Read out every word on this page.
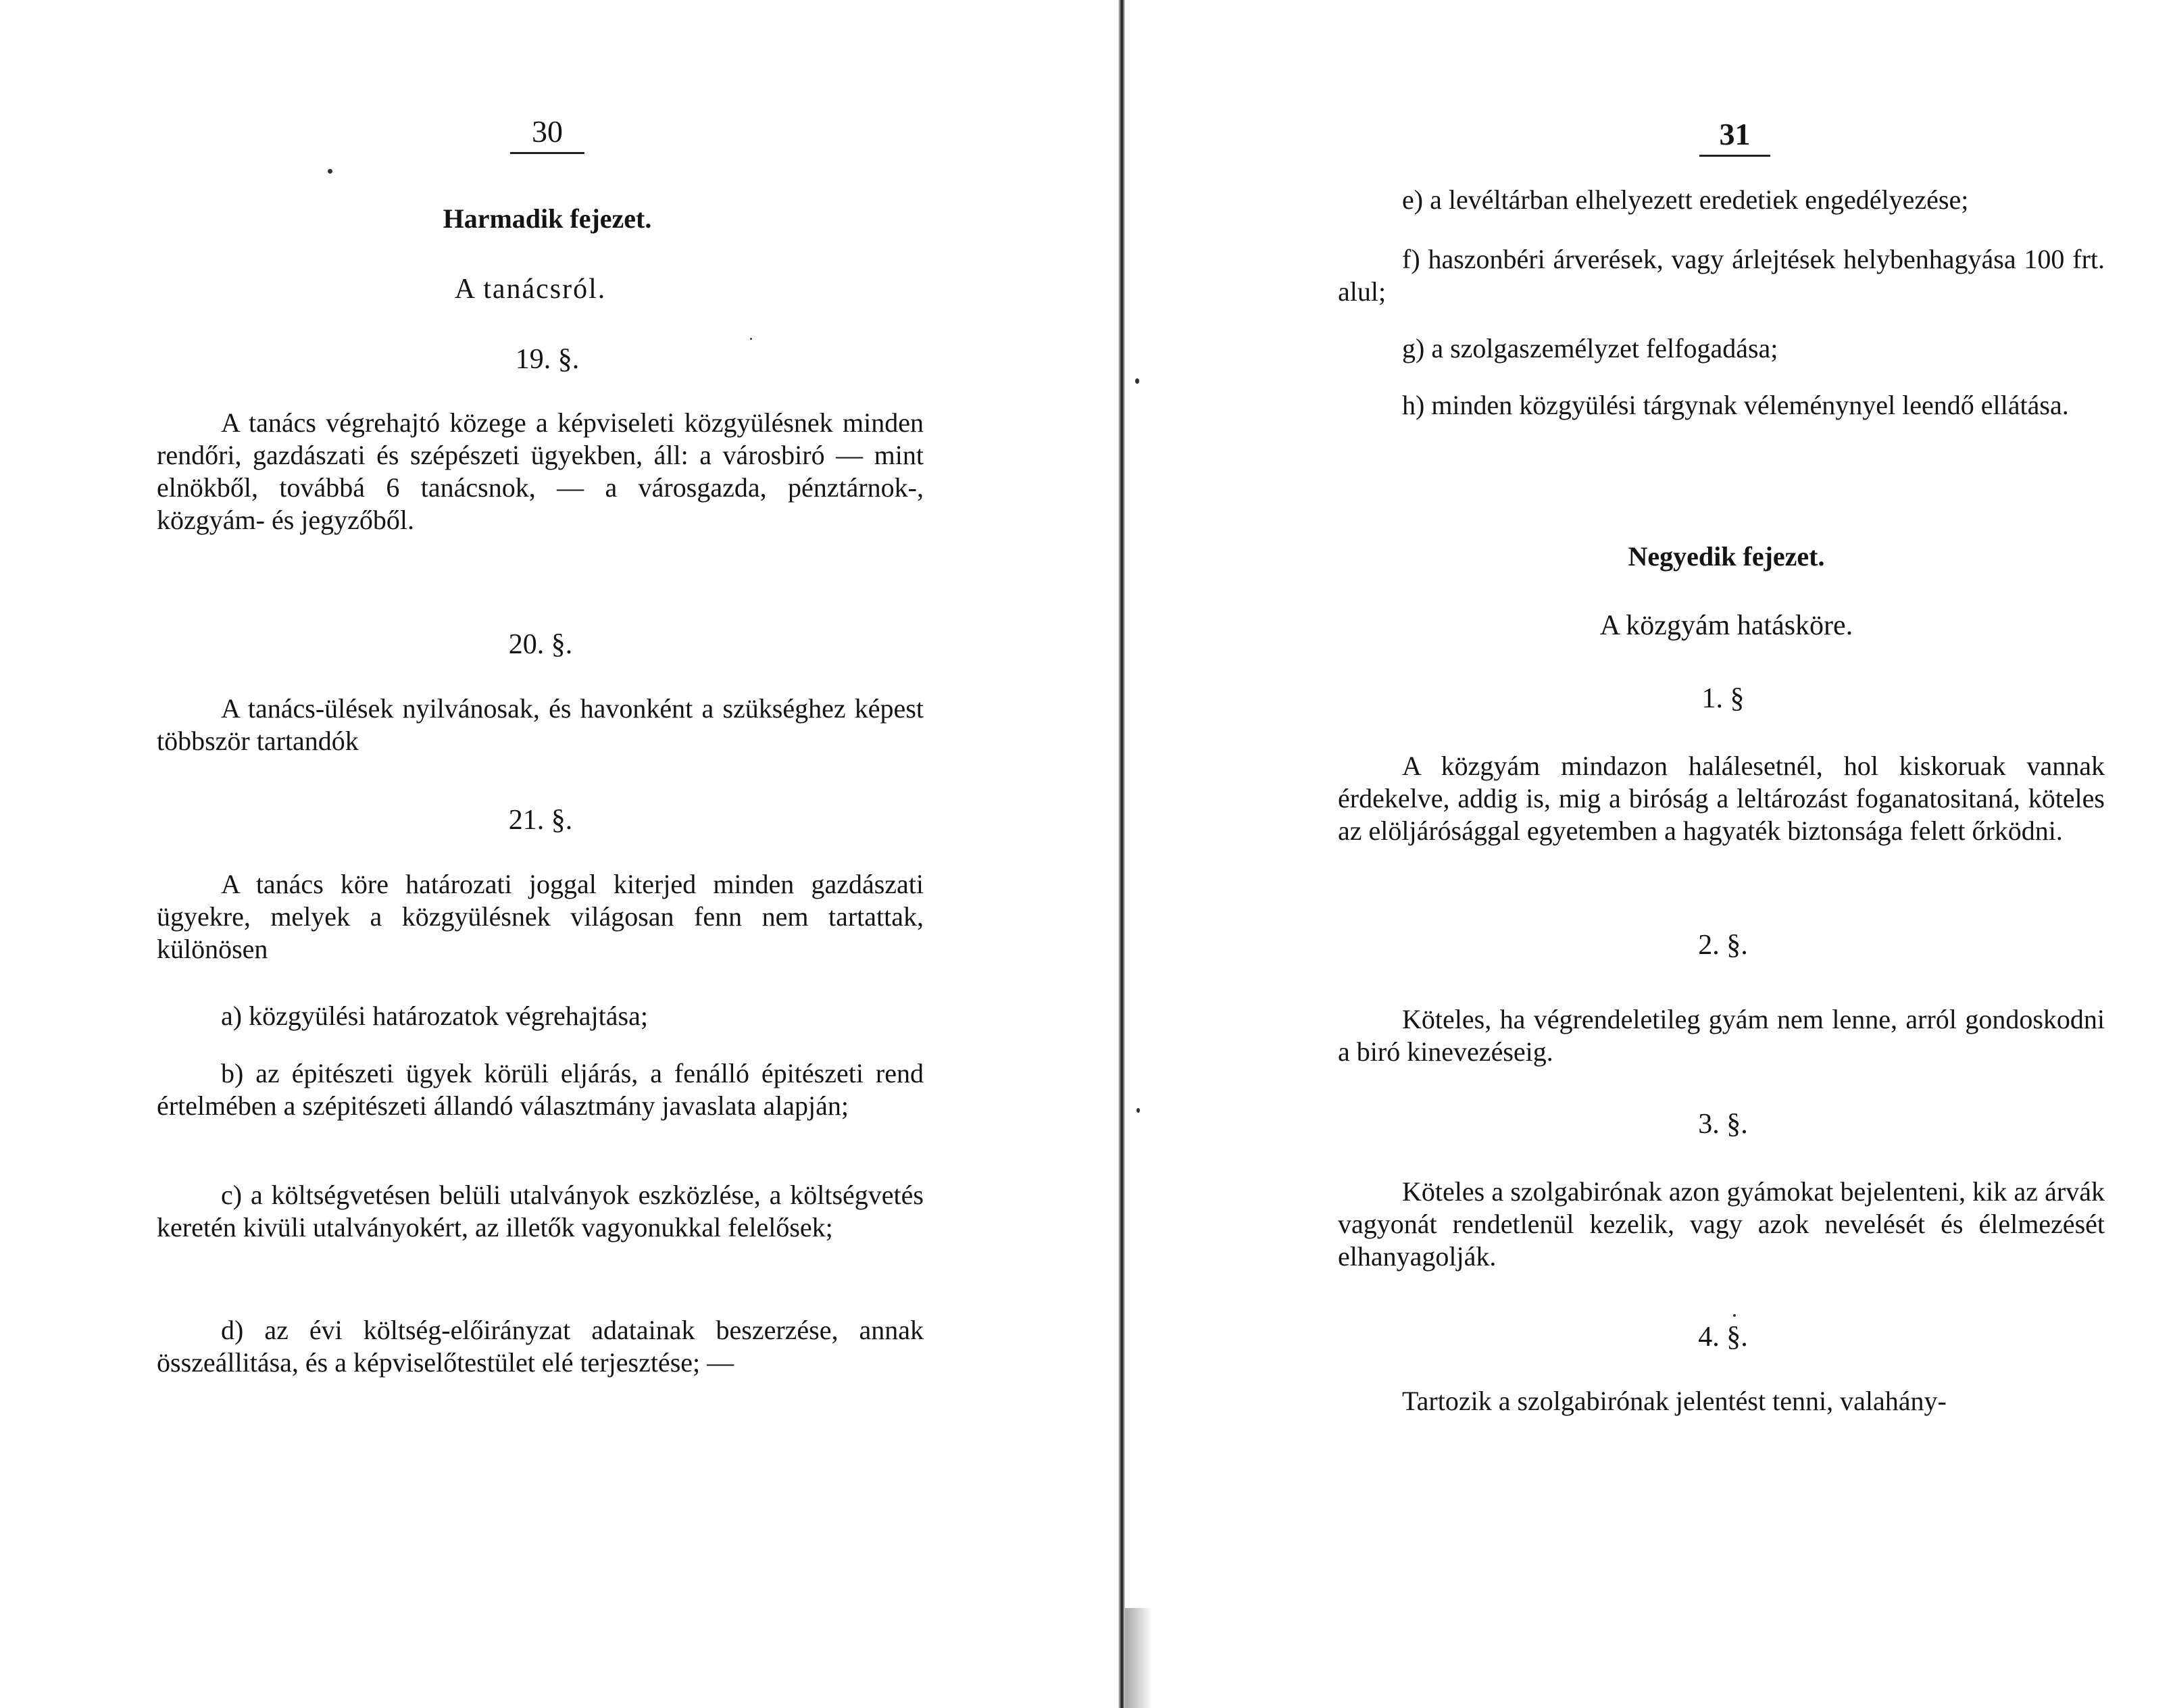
30
Harmadik fejezet.
A tanácsról.
19. §.

A tanács végrehajtó közege a képviseleti közgyülésnek minden rendőri, gazdászati és szépészeti ügyekben, áll: a városbiró — mint elnökből, továbbá 6 tanácsnok, — a városgazda, pénztárnok-, közgyám- és jegyzőből.

20. §.

A tanács-ülések nyilvánosak, és havonként a szükséghez képest többször tartandók

21. §.

A tanács köre határozati joggal kiterjed minden gazdászati ügyekre, melyek a közgyülésnek világosan fenn nem tartattak, különösen

a) közgyülési határozatok végrehajtása;

b) az épitészeti ügyek körüli eljárás, a fenálló épitészeti rend értelmében a szépitészeti állandó választmány javaslata alapján;

c) a költségvetésen belüli utalványok eszközlése, a költségvetés keretén kivüli utalványokért, az illetők vagyonukkal felelősek;

d) az évi költség-előirányzat adatainak beszerzése, annak összeállitása, és a képviselőtestület elé terjesztése; —

31

e) a levéltárban elhelyezett eredetiek engedélyezése;

f) haszonbéri árverések, vagy árlejtések helybenhagyása 100 frt. alul;

g) a szolgaszemélyzet felfogadása;

h) minden közgyülési tárgynak véleménynyel leendő ellátása.

Negyedik fejezet.
A közgyám hatásköre.
1. §

A közgyám mindazon halálesetnél, hol kiskoruak vannak érdekelve, addig is, mig a biróság a leltározást foganatositaná, köteles az elöljárósággal egyetemben a hagyaték biztonsága felett őrködni.

2. §.

Köteles, ha végrendeletileg gyám nem lenne, arról gondoskodni a biró kinevezéseig.

3. §.

Köteles a szolgabirónak azon gyámokat bejelenteni, kik az árvák vagyonát rendetlenül kezelik, vagy azok nevelését és élelmezését elhanyagolják.

4. §.

Tartozik a szolgabirónak jelentést tenni, valahány-
